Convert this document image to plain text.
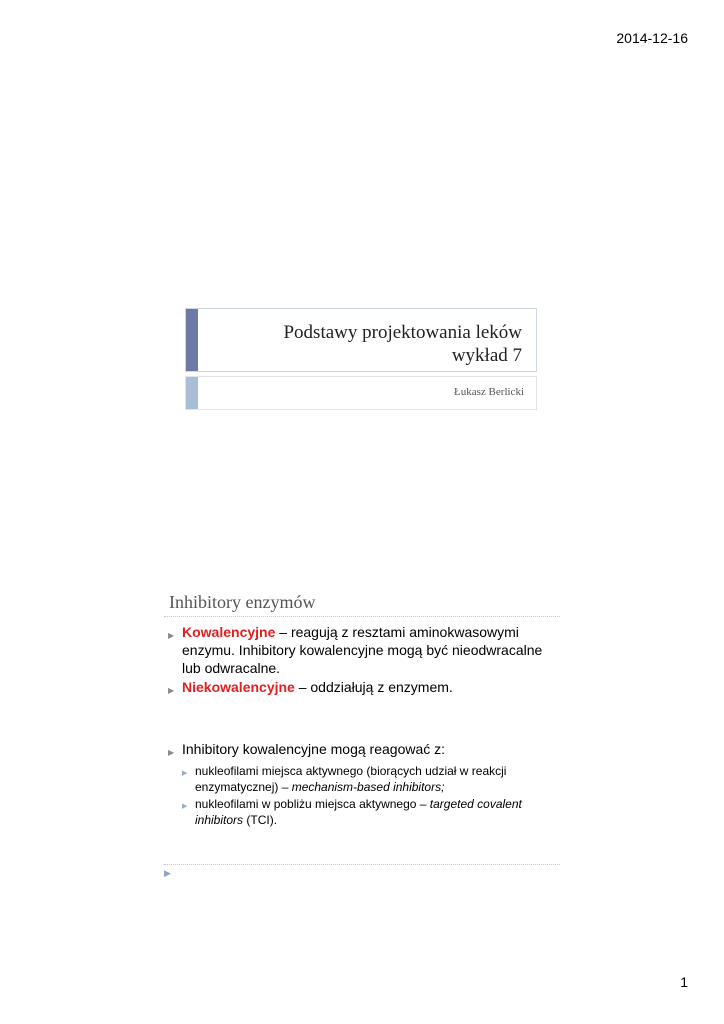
2014-12-16
Podstawy projektowania leków
wykład 7
Łukasz Berlicki
Inhibitory enzymów
▶ Kowalencyjne – reagują z resztami aminokwasowymi enzymu. Inhibitory kowalencyjne mogą być nieodwracalne lub odwracalne.
▶ Niekowalencyjne – oddziałują z enzymem.
▶ Inhibitory kowalencyjne mogą reagować z:
▶ nukleofilami miejsca aktywnego (biorących udział w reakcji enzymatycznej) – mechanism-based inhibitors;
▶ nukleofilami w pobliżu miejsca aktywnego – targeted covalent inhibitors (TCI).
▶
1
